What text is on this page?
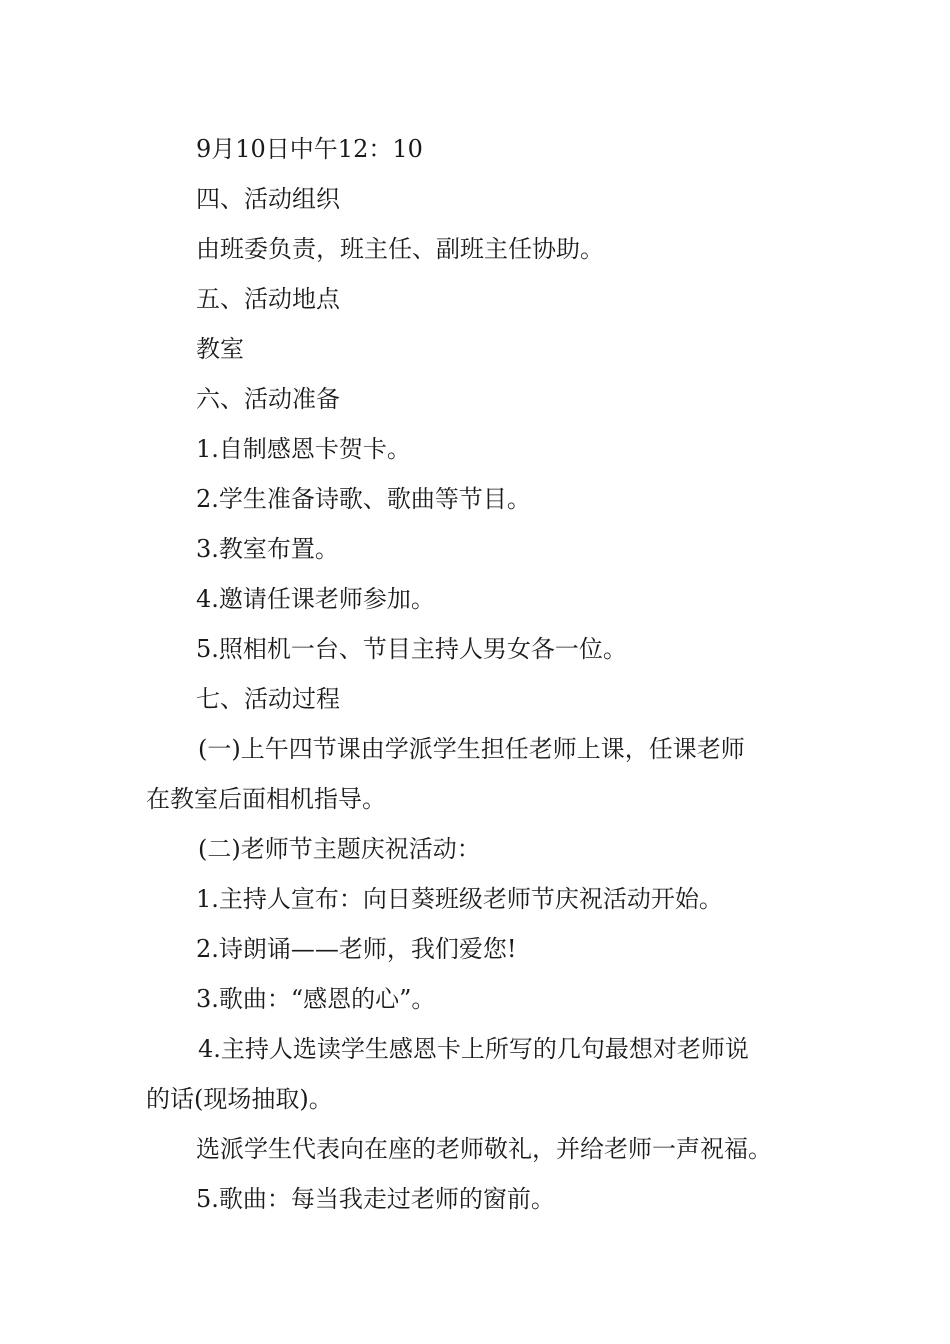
9月10日中午12：10
四、活动组织
由班委负责，班主任、副班主任协助。
五、活动地点
教室
六、活动准备
1.自制感恩卡贺卡。
2.学生准备诗歌、歌曲等节目。
3.教室布置。
4.邀请任课老师参加。
5.照相机一台、节目主持人男女各一位。
七、活动过程
(一)上午四节课由学派学生担任老师上课，任课老师
在教室后面相机指导。
(二)老师节主题庆祝活动：
1.主持人宣布：向日葵班级老师节庆祝活动开始。
2.诗朗诵——老师，我们爱您!
3.歌曲：“感恩的心”。
4.主持人选读学生感恩卡上所写的几句最想对老师说
的话(现场抽取)。
选派学生代表向在座的老师敬礼，并给老师一声祝福。
5.歌曲：每当我走过老师的窗前。
